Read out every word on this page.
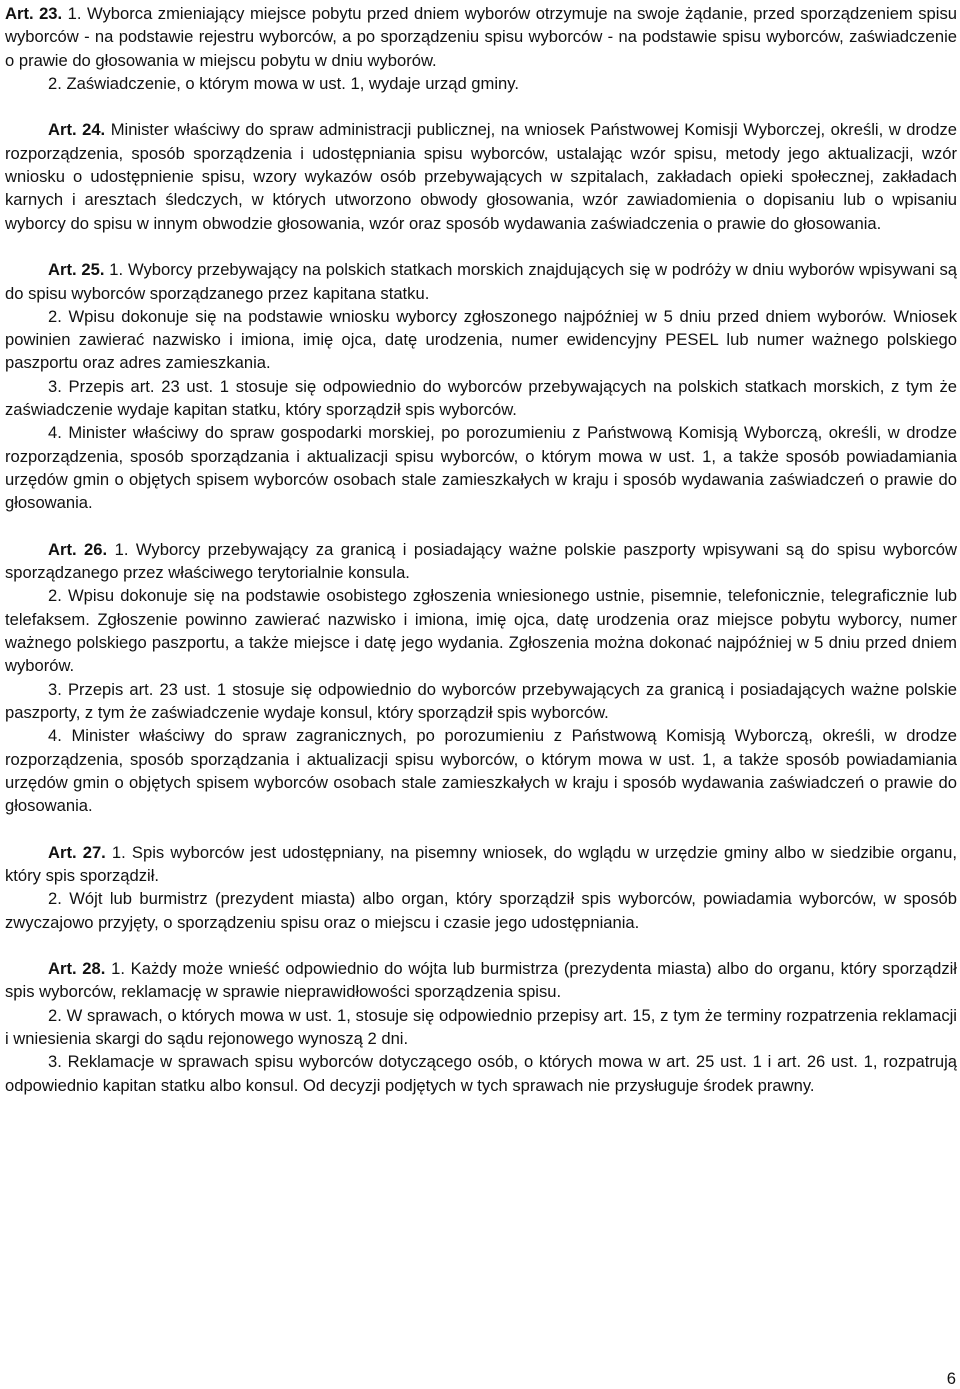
Art. 23. 1. Wyborca zmieniający miejsce pobytu przed dniem wyborów otrzymuje na swoje żądanie, przed sporządzeniem spisu wyborców - na podstawie rejestru wyborców, a po sporządzeniu spisu wyborców - na podstawie spisu wyborców, zaświadczenie o prawie do głosowania w miejscu pobytu w dniu wyborów.

2. Zaświadczenie, o którym mowa w ust. 1, wydaje urząd gminy.

Art. 24. Minister właściwy do spraw administracji publicznej, na wniosek Państwowej Komisji Wyborczej, określi, w drodze rozporządzenia, sposób sporządzenia i udostępniania spisu wyborców, ustalając wzór spisu, metody jego aktualizacji, wzór wniosku o udostępnienie spisu, wzory wykazów osób przebywających w szpitalach, zakładach opieki społecznej, zakładach karnych i aresztach śledczych, w których utworzono obwody głosowania, wzór zawiadomienia o dopisaniu lub o wpisaniu wyborcy do spisu w innym obwodzie głosowania, wzór oraz sposób wydawania zaświadczenia o prawie do głosowania.

Art. 25. 1. Wyborcy przebywający na polskich statkach morskich znajdujących się w podróży w dniu wyborów wpisywani są do spisu wyborców sporządzanego przez kapitana statku.

2. Wpisu dokonuje się na podstawie wniosku wyborcy zgłoszonego najpóźniej w 5 dniu przed dniem wyborów. Wniosek powinien zawierać nazwisko i imiona, imię ojca, datę urodzenia, numer ewidencyjny PESEL lub numer ważnego polskiego paszportu oraz adres zamieszkania.

3. Przepis art. 23 ust. 1 stosuje się odpowiednio do wyborców przebywających na polskich statkach morskich, z tym że zaświadczenie wydaje kapitan statku, który sporządził spis wyborców.

4. Minister właściwy do spraw gospodarki morskiej, po porozumieniu z Państwową Komisją Wyborczą, określi, w drodze rozporządzenia, sposób sporządzania i aktualizacji spisu wyborców, o którym mowa w ust. 1, a także sposób powiadamiania urzędów gmin o objętych spisem wyborców osobach stale zamieszkałych w kraju i sposób wydawania zaświadczeń o prawie do głosowania.

Art. 26. 1. Wyborcy przebywający za granicą i posiadający ważne polskie paszporty wpisywani są do spisu wyborców sporządzanego przez właściwego terytorialnie konsula.

2. Wpisu dokonuje się na podstawie osobistego zgłoszenia wniesionego ustnie, pisemnie, telefonicznie, telegraficznie lub telefaksem. Zgłoszenie powinno zawierać nazwisko i imiona, imię ojca, datę urodzenia oraz miejsce pobytu wyborcy, numer ważnego polskiego paszportu, a także miejsce i datę jego wydania. Zgłoszenia można dokonać najpóźniej w 5 dniu przed dniem wyborów.

3. Przepis art. 23 ust. 1 stosuje się odpowiednio do wyborców przebywających za granicą i posiadających ważne polskie paszporty, z tym że zaświadczenie wydaje konsul, który sporządził spis wyborców.

4. Minister właściwy do spraw zagranicznych, po porozumieniu z Państwową Komisją Wyborczą, określi, w drodze rozporządzenia, sposób sporządzania i aktualizacji spisu wyborców, o którym mowa w ust. 1, a także sposób powiadamiania urzędów gmin o objętych spisem wyborców osobach stale zamieszkałych w kraju i sposób wydawania zaświadczeń o prawie do głosowania.

Art. 27. 1. Spis wyborców jest udostępniany, na pisemny wniosek, do wglądu w urzędzie gminy albo w siedzibie organu, który spis sporządził.

2. Wójt lub burmistrz (prezydent miasta) albo organ, który sporządził spis wyborców, powiadamia wyborców, w sposób zwyczajowo przyjęty, o sporządzeniu spisu oraz o miejscu i czasie jego udostępniania.

Art. 28. 1. Każdy może wnieść odpowiednio do wójta lub burmistrza (prezydenta miasta) albo do organu, który sporządził spis wyborców, reklamację w sprawie nieprawidłowości sporządzenia spisu.

2. W sprawach, o których mowa w ust. 1, stosuje się odpowiednio przepisy art. 15, z tym że terminy rozpatrzenia reklamacji i wniesienia skargi do sądu rejonowego wynoszą 2 dni.

3. Reklamacje w sprawach spisu wyborców dotyczącego osób, o których mowa w art. 25 ust. 1 i art. 26 ust. 1, rozpatrują odpowiednio kapitan statku albo konsul. Od decyzji podjętych w tych sprawach nie przysługuje środek prawny.

6
